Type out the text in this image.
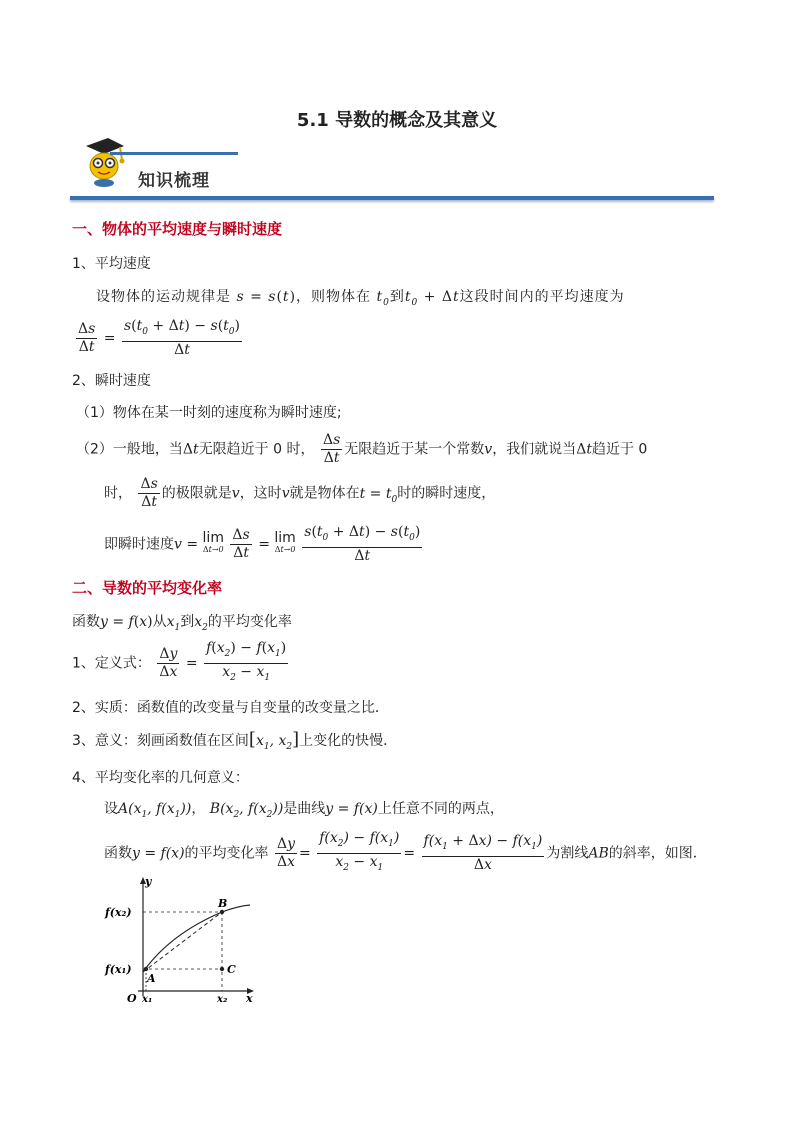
5.1 导数的概念及其意义
知识梳理
一、物体的平均速度与瞬时速度
1、平均速度
设物体的运动规律是 s = s(t)，则物体在 $t_0$到$t_0 + \Delta t$这段时间内的平均速度为
$\frac{\Delta s}{\Delta t} = \frac{s(t_0 + \Delta t) - s(t_0)}{\Delta t}$
2、瞬时速度
（1）物体在某一时刻的速度称为瞬时速度;
（2）一般地，当Δt无限趋近于 0 时， $\frac{\Delta s}{\Delta t}$ 无限趋近于某一个常数v，我们就说当Δt趋近于 0
时， $\frac{\Delta s}{\Delta t}$ 的极限就是v，这时v就是物体在$t = t_0$时的瞬时速度，
即瞬时速度v = lim
Δt→0
$\frac{\Delta s}{\Delta t} = \lim$
Δt→0
$\frac{s(t_0 + \Delta t) - s(t_0)}{\Delta t}$
二、导数的平均变化率
函数y = f(x)从$x_1$到$x_2$的平均变化率
1、定义式： $\frac{\Delta y}{\Delta x} = \frac{f(x_2) - f(x_1)}{x_2 - x_1}$
2、实质：函数值的改变量与自变量的改变量之比．
3、意义：刻画函数值在区间[$x_1$, $x_2$]上变化的快慢．
4、平均变化率的几何意义：
设$A(x_1$, $f(x_1)$)， $B(x_2$, $f(x_2)$)是曲线y = f(x)上任意不同的两点，
函数y = f(x)的平均变化率 $\frac{\Delta y}{\Delta x} = \frac{f(x_2) - f(x_1)}{x_2 - x_1} = \frac{f(x_1 + \Delta x) - f(x_1)}{\Delta x}$ 为割线AB的斜率，如图．
y
x
O
f(x₂)
f(x₁)
x₁	x₂
A
B
C
